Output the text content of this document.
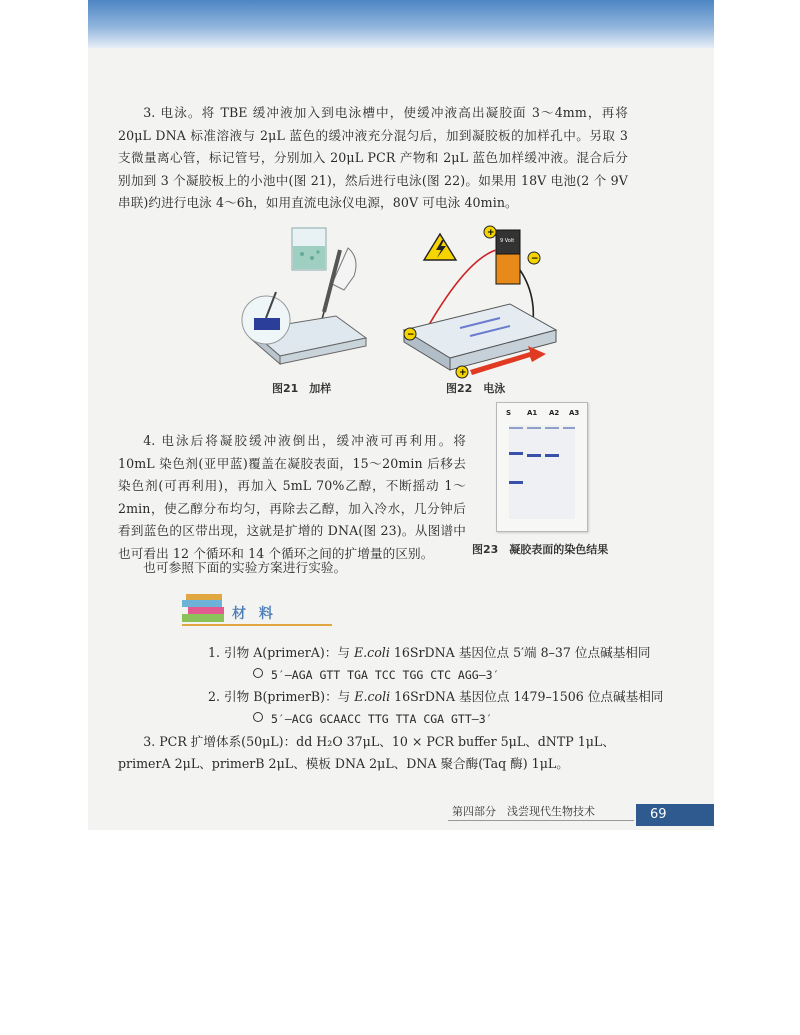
3. 电泳。将 TBE 缓冲液加入到电泳槽中，使缓冲液高出凝胶面 3～4mm，再将 20μL DNA 标准溶液与 2μL 蓝色的缓冲液充分混匀后，加到凝胶板的加样孔中。另取 3 支微量离心管，标记管号，分别加入 20μL PCR 产物和 2μL 蓝色加样缓冲液。混合后分别加到 3 个凝胶板上的小池中(图 21)，然后进行电泳(图 22)。如果用 18V 电池(2 个 9V 串联)约进行电泳 4～6h，如用直流电泳仪电源，80V 可电泳 40min。

图21　加样
9 Volt
+
−
−
+
图22　电泳

4. 电泳后将凝胶缓冲液倒出，缓冲液可再利用。将 10mL 染色剂(亚甲蓝)覆盖在凝胶表面，15～20min 后移去染色剂(可再利用)，再加入 5mL 70%乙醇，不断摇动 1～2min，使乙醇分布均匀，再除去乙醇，加入冷水，几分钟后看到蓝色的区带出现，这就是扩增的 DNA(图 23)。从图谱中也可看出 12 个循环和 14 个循环之间的扩增量的区别。

S A1 A2 A3
图23　凝胶表面的染色结果

也可参照下面的实验方案进行实验。

材 料
1. 引物 A(primerA)：与 E.coli 16SrDNA 基因位点 5′端 8–37 位点碱基相同
5′–AGA GTT TGA TCC TGG CTC AGG–3′
2. 引物 B(primerB)：与 E.coli 16SrDNA 基因位点 1479–1506 位点碱基相同
5′–ACG GCAACC TTG TTA CGA GTT–3′
3. PCR 扩增体系(50μL)：dd H₂O 37μL、10 × PCR buffer 5μL、dNTP 1μL、primerA 2μL、primerB 2μL、模板 DNA 2μL、DNA 聚合酶(Taq 酶) 1μL。
第四部分　浅尝现代生物技术	69
